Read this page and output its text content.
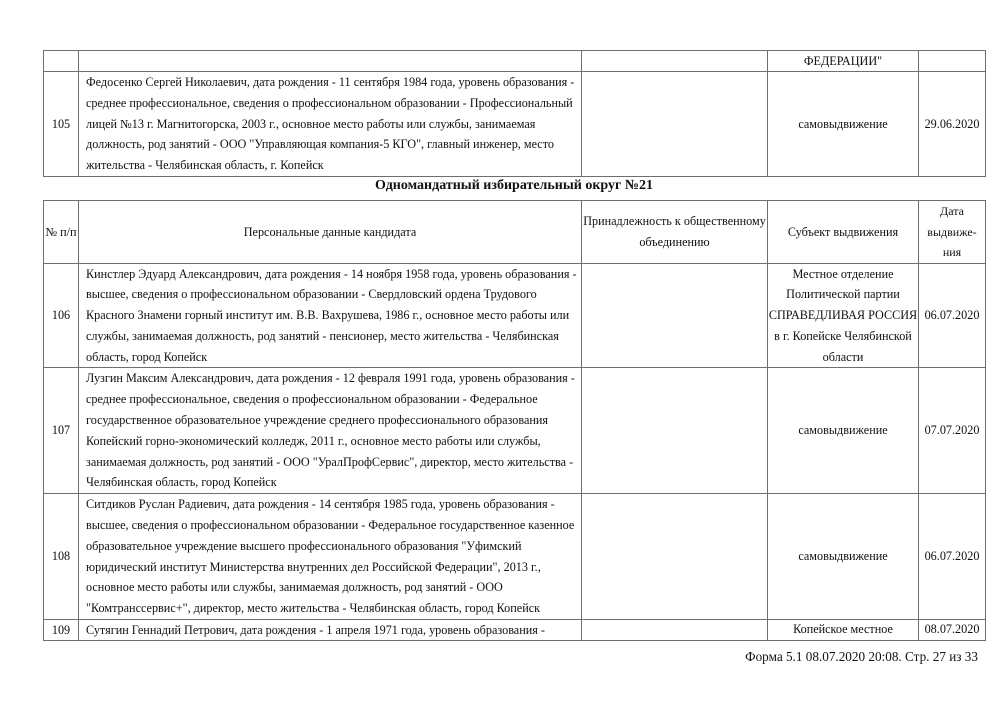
			ФЕДЕРАЦИИ"	
105	Федосенко Сергей Николаевич, дата рождения - 11 сентября 1984 года, уровень образования - среднее профессиональное, сведения о профессиональном образовании - Профессиональный лицей №13 г. Магнитогорска, 2003 г., основное место работы или службы, занимаемая должность, род занятий - ООО "Управляющая компания-5 КГО", главный инженер, место жительства - Челябинская область, г. Копейск		самовыдвижение	29.06.2020
Одномандатный избирательный округ №21
№ п/п	Персональные данные кандидата	Принадлежность к общественному объединению	Субъект выдвижения	Дата выдвиже-ния
106	Кинстлер Эдуард Александрович, дата рождения - 14 ноября 1958 года, уровень образования - высшее, сведения о профессиональном образовании - Свердловский ордена Трудового Красного Знамени горный институт им. В.В. Вахрушева, 1986 г., основное место работы или службы, занимаемая должность, род занятий - пенсионер, место жительства - Челябинская область, город Копейск		Местное отделение Политической партии СПРАВЕДЛИВАЯ РОССИЯ в г. Копейске Челябинской области	06.07.2020
107	Лузгин Максим Александрович, дата рождения - 12 февраля 1991 года, уровень образования - среднее профессиональное, сведения о профессиональном образовании - Федеральное государственное образовательное учреждение среднего профессионального образования Копейский горно-экономический колледж, 2011 г., основное место работы или службы, занимаемая должность, род занятий - ООО "УралПрофСервис", директор, место жительства - Челябинская область, город Копейск		самовыдвижение	07.07.2020
108	Ситдиков Руслан Радиевич, дата рождения - 14 сентября 1985 года, уровень образования - высшее, сведения о профессиональном образовании - Федеральное государственное казенное образовательное учреждение высшего профессионального образования "Уфимский юридический институт Министерства внутренних дел Российской Федерации", 2013 г., основное место работы или службы, занимаемая должность, род занятий - ООО "Комтранссервис+", директор, место жительства - Челябинская область, город Копейск		самовыдвижение	06.07.2020
109	Сутягин Геннадий Петрович, дата рождения - 1 апреля 1971 года, уровень образования -		Копейское местное	08.07.2020
Форма 5.1 08.07.2020 20:08. Стр. 27 из 33
